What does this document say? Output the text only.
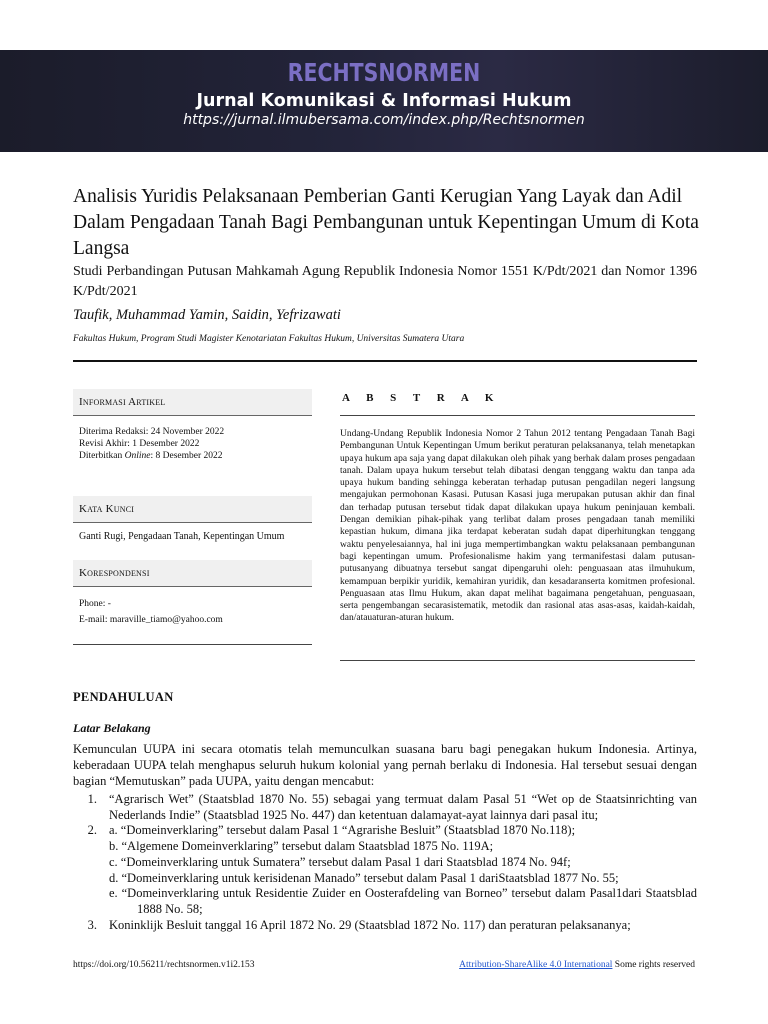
RECHTSNORMEN
Jurnal Komunikasi & Informasi Hukum
https://jurnal.ilmubersama.com/index.php/Rechtsnormen
Analisis Yuridis Pelaksanaan Pemberian Ganti Kerugian Yang Layak dan Adil Dalam Pengadaan Tanah Bagi Pembangunan untuk Kepentingan Umum di Kota Langsa
Studi Perbandingan Putusan Mahkamah Agung Republik Indonesia Nomor 1551 K/Pdt/2021 dan Nomor 1396 K/Pdt/2021
Taufik, Muhammad Yamin, Saidin, Yefrizawati
Fakultas Hukum, Program Studi Magister Kenotariatan Fakultas Hukum, Universitas Sumatera Utara
Informasi Artikel
Diterima Redaksi: 24 November 2022
Revisi Akhir: 1 Desember 2022
Diterbitkan Online: 8 Desember 2022
Kata Kunci
Ganti Rugi, Pengadaan Tanah, Kepentingan Umum
Korespondensi
Phone: -
E-mail: maraville_tiamo@yahoo.com
A B S T R A K
Undang-Undang Republik Indonesia Nomor 2 Tahun 2012 tentang Pengadaan Tanah Bagi Pembangunan Untuk Kepentingan Umum berikut peraturan pelaksananya, telah menetapkan upaya hukum apa saja yang dapat dilakukan oleh pihak yang berhak dalam proses pengadaan tanah. Dalam upaya hukum tersebut telah dibatasi dengan tenggang waktu dan tanpa ada upaya hukum banding sehingga keberatan terhadap putusan pengadilan negeri langsung mengajukan permohonan Kasasi. Putusan Kasasi juga merupakan putusan akhir dan final dan terhadap putusan tersebut tidak dapat dilakukan upaya hukum peninjauan kembali. Dengan demikian pihak-pihak yang terlibat dalam proses pengadaan tanah memiliki kepastian hukum, dimana jika terdapat keberatan sudah dapat diperhitungkan tenggang waktu penyelesaiannya, hal ini juga mempertimbangkan waktu pelaksanaan pembangunan bagi kepentingan umum. Profesionalisme hakim yang termanifestasi dalam putusan-putusanyang dibuatnya tersebut sangat dipengaruhi oleh: penguasaan atas ilmuhukum, kemampuan berpikir yuridik, kemahiran yuridik, dan kesadaranserta komitmen profesional. Penguasaan atas Ilmu Hukum, akan dapat melihat bagaimana pengetahuan, penguasaan, serta pengembangan secarasistematik, metodik dan rasional atas asas-asas, kaidah-kaidah, dan/atauaturan-aturan hukum.
PENDAHULUAN
Latar Belakang

Kemunculan UUPA ini secara otomatis telah memunculkan suasana baru bagi penegakan hukum Indonesia. Artinya, keberadaan UUPA telah menghapus seluruh hukum kolonial yang pernah berlaku di Indonesia. Hal tersebut sesuai dengan bagian “Memutuskan” pada UUPA, yaitu dengan mencabut:

1. “Agrarisch Wet” (Staatsblad 1870 No. 55) sebagai yang termuat dalam Pasal 51 “Wet op de Staatsinrichting van Nederlands Indie” (Staatsblad 1925 No. 447) dan ketentuan dalamayat-ayat lainnya dari pasal itu;
2. a. “Domeinverklaring” tersebut dalam Pasal 1 “Agrarishe Besluit” (Staatsblad 1870 No.118);
b. “Algemene Domeinverklaring” tersebut dalam Staatsblad 1875 No. 119A;
c. “Domeinverklaring untuk Sumatera” tersebut dalam Pasal 1 dari Staatsblad 1874 No. 94f;
d. “Domeinverklaring untuk kerisidenan Manado” tersebut dalam Pasal 1 dariStaatsblad 1877 No. 55;
e. “Domeinverklaring untuk Residentie Zuider en Oosterafdeling van Borneo” tersebut dalam Pasal1dari Staatsblad 1888 No. 58;
3. Koninklijk Besluit tanggal 16 April 1872 No. 29 (Staatsblad 1872 No. 117) dan peraturan pelaksananya;
https://doi.org/10.56211/rechtsnormen.v1i2.153	Attribution-ShareAlike 4.0 International Some rights reserved
